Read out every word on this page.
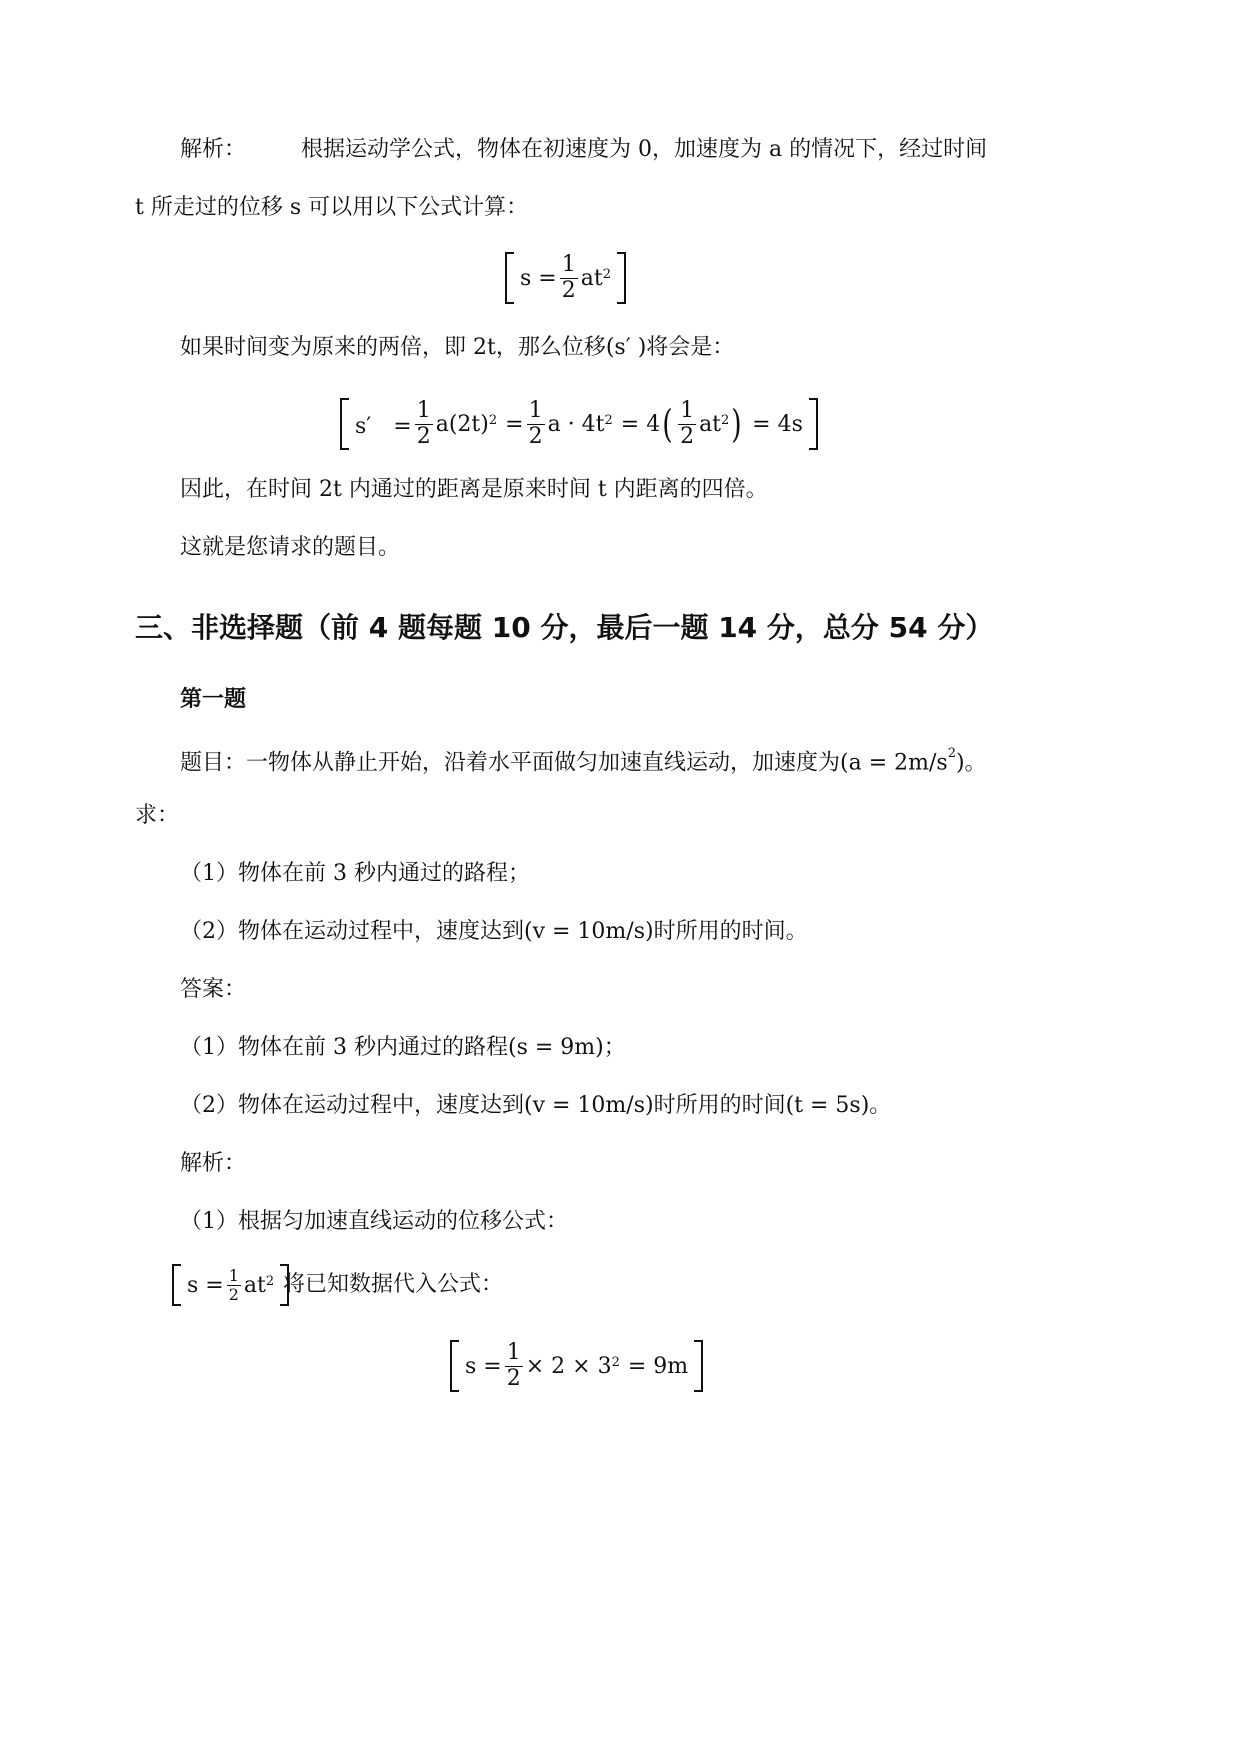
解析：　　　根据运动学公式，物体在初速度为 0，加速度为 a 的情况下，经过时间
t 所走过的位移 s 可以用以下公式计算：
$s = \frac{1}{2}$ at 2
如果时间变为原来的两倍，即 2t，那么位移(s′ )将会是：
s′　= $\frac{1}{2} a(2t) 2 = \frac{1}{2}$ a · 4t 2 = 4 ( $\frac{1}{2}$ at 2 ) = 4s
因此，在时间 2t 内通过的距离是原来时间 t 内距离的四倍。
这就是您请求的题目。
三、非选择题（前 4 题每题 10 分，最后一题 14 分，总分 54 分）
第一题
题目：一物体从静止开始，沿着水平面做匀加速直线运动，加速度为$(a = 2m/s^2)$。
求：
（1）物体在前 3 秒内通过的路程；
（2）物体在运动过程中，速度达到(v = 10m/s)时所用的时间。
答案：
（1）物体在前 3 秒内通过的路程(s = 9m)；
（2）物体在运动过程中，速度达到(v = 10m/s)时所用的时间(t = 5s)。
解析：
（1）根据匀加速直线运动的位移公式：
$s = \frac{1}{2}$ at 2 将已知数据代入公式：
$s = \frac{1}{2} \times 2 \times 3$ 2 = 9m
